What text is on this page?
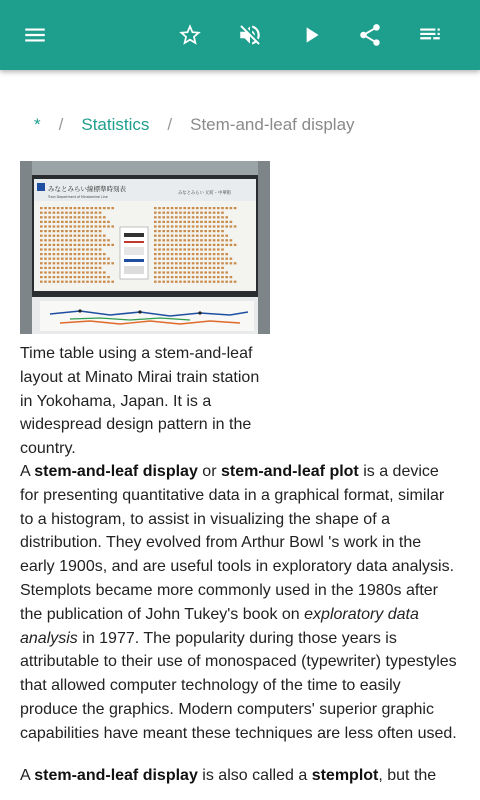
* / Statistics / Stem-and-leaf display
みなとみらい線標準時刻表
Train Department of Minatomirai Line
みなとみらい 元町・中華街
Time table using a stem-and-leaf layout at Minato Mirai train station in Yokohama, Japan. It is a widespread design pattern in the country.

A stem-and-leaf display or stem-and-leaf plot is a device for presenting quantitative data in a graphical format, similar to a histogram, to assist in visualizing the shape of a distribution. They evolved from Arthur Bowl 's work in the early 1900s, and are useful tools in exploratory data analysis. Stemplots became more commonly used in the 1980s after the publication of John Tukey's book on exploratory data analysis in 1977. The popularity during those years is attributable to their use of monospaced (typewriter) typestyles that allowed computer technology of the time to easily produce the graphics. Modern computers' superior graphic capabilities have meant these techniques are less often used.

A stem-and-leaf display is also called a stemplot, but the
